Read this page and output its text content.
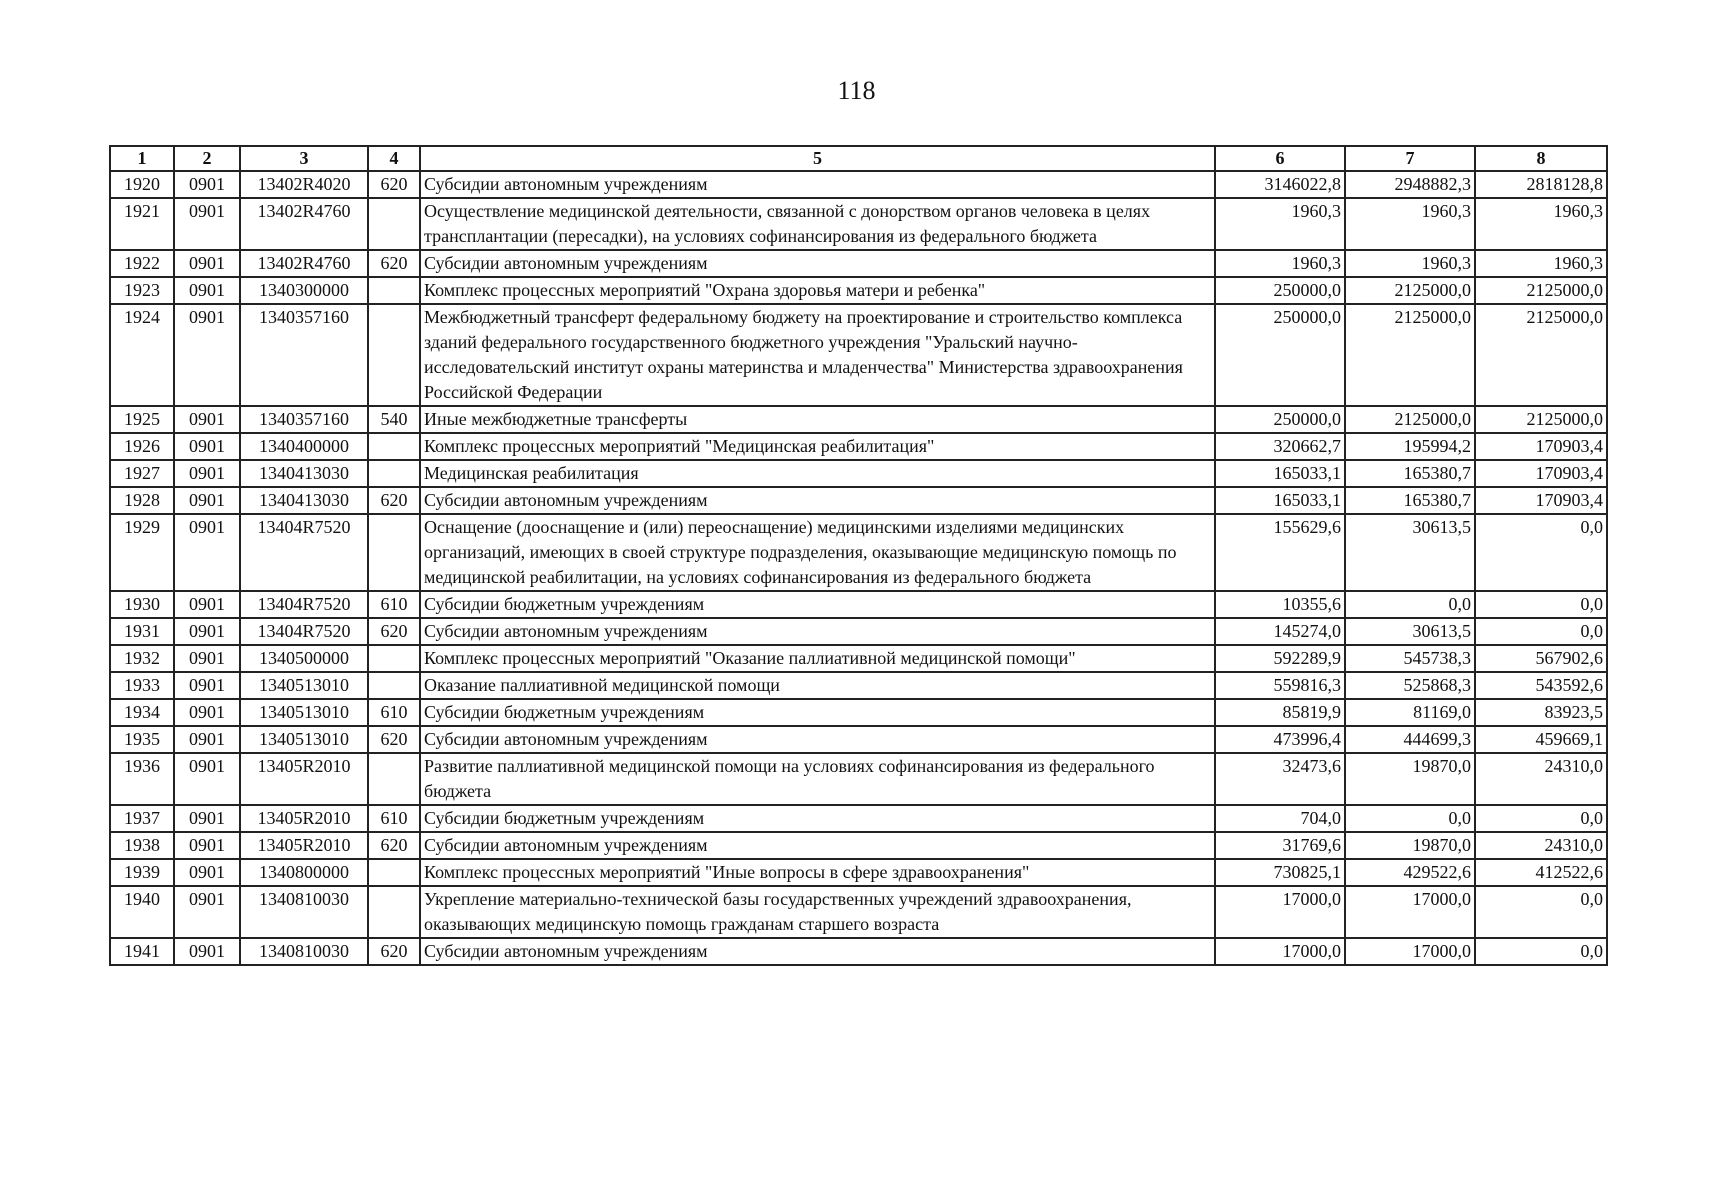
118
1	2	3	4	5	6	7	8
1920	0901	13402R4020	620	Субсидии автономным учреждениям	3146022,8	2948882,3	2818128,8
1921	0901	13402R4760		Осуществление медицинской деятельности, связанной с донорством органов человека в целях трансплантации (пересадки), на условиях софинансирования из федерального бюджета	1960,3	1960,3	1960,3
1922	0901	13402R4760	620	Субсидии автономным учреждениям	1960,3	1960,3	1960,3
1923	0901	1340300000		Комплекс процессных мероприятий "Охрана здоровья матери и ребенка"	250000,0	2125000,0	2125000,0
1924	0901	1340357160		Межбюджетный трансферт федеральному бюджету на проектирование и строительство комплекса зданий федерального государственного бюджетного учреждения "Уральский научно-исследовательский институт охраны материнства и младенчества" Министерства здравоохранения Российской Федерации	250000,0	2125000,0	2125000,0
1925	0901	1340357160	540	Иные межбюджетные трансферты	250000,0	2125000,0	2125000,0
1926	0901	1340400000		Комплекс процессных мероприятий "Медицинская реабилитация"	320662,7	195994,2	170903,4
1927	0901	1340413030		Медицинская реабилитация	165033,1	165380,7	170903,4
1928	0901	1340413030	620	Субсидии автономным учреждениям	165033,1	165380,7	170903,4
1929	0901	13404R7520		Оснащение (дооснащение и (или) переоснащение) медицинскими изделиями медицинских организаций, имеющих в своей структуре подразделения, оказывающие медицинскую помощь по медицинской реабилитации, на условиях софинансирования из федерального бюджета	155629,6	30613,5	0,0
1930	0901	13404R7520	610	Субсидии бюджетным учреждениям	10355,6	0,0	0,0
1931	0901	13404R7520	620	Субсидии автономным учреждениям	145274,0	30613,5	0,0
1932	0901	1340500000		Комплекс процессных мероприятий "Оказание паллиативной медицинской помощи"	592289,9	545738,3	567902,6
1933	0901	1340513010		Оказание паллиативной медицинской помощи	559816,3	525868,3	543592,6
1934	0901	1340513010	610	Субсидии бюджетным учреждениям	85819,9	81169,0	83923,5
1935	0901	1340513010	620	Субсидии автономным учреждениям	473996,4	444699,3	459669,1
1936	0901	13405R2010		Развитие паллиативной медицинской помощи на условиях софинансирования из федерального бюджета	32473,6	19870,0	24310,0
1937	0901	13405R2010	610	Субсидии бюджетным учреждениям	704,0	0,0	0,0
1938	0901	13405R2010	620	Субсидии автономным учреждениям	31769,6	19870,0	24310,0
1939	0901	1340800000		Комплекс процессных мероприятий "Иные вопросы в сфере здравоохранения"	730825,1	429522,6	412522,6
1940	0901	1340810030		Укрепление материально-технической базы государственных учреждений здравоохранения, оказывающих медицинскую помощь гражданам старшего возраста	17000,0	17000,0	0,0
1941	0901	1340810030	620	Субсидии автономным учреждениям	17000,0	17000,0	0,0
